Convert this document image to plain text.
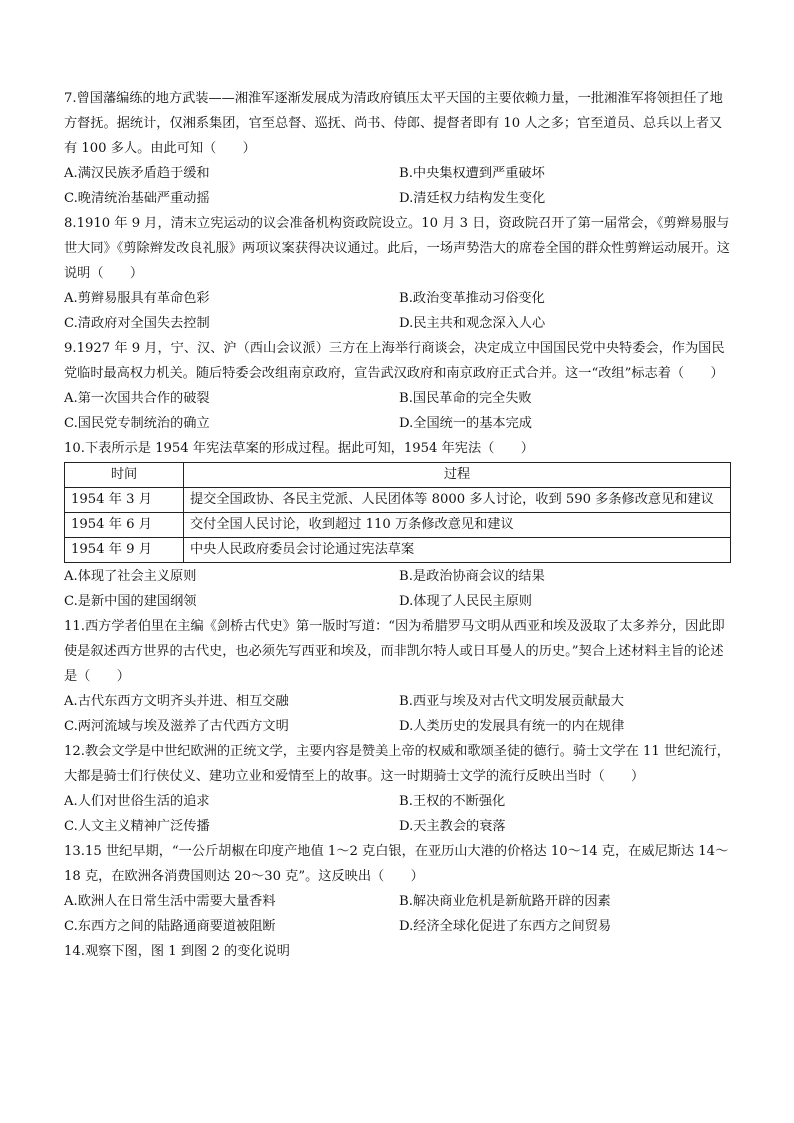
7.曾国藩编练的地方武装——湘淮军逐渐发展成为清政府镇压太平天国的主要依赖力量，一批湘淮军将领担任了地方督抚。据统计，仅湘系集团，官至总督、巡抚、尚书、侍郎、提督者即有 10 人之多；官至道员、总兵以上者又有 100 多人。由此可知（　　）

A.满汉民族矛盾趋于缓和	B.中央集权遭到严重破坏
C.晚清统治基础严重动摇	D.清廷权力结构发生变化

8.1910 年 9 月，清末立宪运动的议会准备机构资政院设立。10 月 3 日，资政院召开了第一届常会，《剪辫易服与世大同》《剪除辫发改良礼服》两项议案获得决议通过。此后，一场声势浩大的席卷全国的群众性剪辫运动展开。这说明（　　）

A.剪辫易服具有革命色彩	B.政治变革推动习俗变化
C.清政府对全国失去控制	D.民主共和观念深入人心

9.1927 年 9 月，宁、汉、沪（西山会议派）三方在上海举行商谈会，决定成立中国国民党中央特委会，作为国民党临时最高权力机关。随后特委会改组南京政府，宣告武汉政府和南京政府正式合并。这一“改组”标志着（　　）

A.第一次国共合作的破裂	B.国民革命的完全失败
C.国民党专制统治的确立	D.全国统一的基本完成

10.下表所示是 1954 年宪法草案的形成过程。据此可知，1954 年宪法（　　）

时间	过程
1954 年 3 月	提交全国政协、各民主党派、人民团体等 8000 多人讨论，收到 590 多条修改意见和建议
1954 年 6 月	交付全国人民讨论，收到超过 110 万条修改意见和建议
1954 年 9 月	中央人民政府委员会讨论通过宪法草案
A.体现了社会主义原则	B.是政治协商会议的结果
C.是新中国的建国纲领	D.体现了人民民主原则

11.西方学者伯里在主编《剑桥古代史》第一版时写道：“因为希腊罗马文明从西亚和埃及汲取了太多养分，因此即使是叙述西方世界的古代史，也必须先写西亚和埃及，而非凯尔特人或日耳曼人的历史。”契合上述材料主旨的论述是（　　）

A.古代东西方文明齐头并进、相互交融	B.西亚与埃及对古代文明发展贡献最大
C.两河流域与埃及滋养了古代西方文明	D.人类历史的发展具有统一的内在规律

12.教会文学是中世纪欧洲的正统文学，主要内容是赞美上帝的权威和歌颂圣徒的德行。骑士文学在 11 世纪流行，大都是骑士们行侠仗义、建功立业和爱情至上的故事。这一时期骑士文学的流行反映出当时（　　）

A.人们对世俗生活的追求	B.王权的不断强化
C.人文主义精神广泛传播	D.天主教会的衰落

13.15 世纪早期，“一公斤胡椒在印度产地值 1～2 克白银，在亚历山大港的价格达 10～14 克，在威尼斯达 14～18 克，在欧洲各消费国则达 20～30 克”。这反映出（　　）

A.欧洲人在日常生活中需要大量香料	B.解决商业危机是新航路开辟的因素
C.东西方之间的陆路通商要道被阻断	D.经济全球化促进了东西方之间贸易

14.观察下图，图 1 到图 2 的变化说明
